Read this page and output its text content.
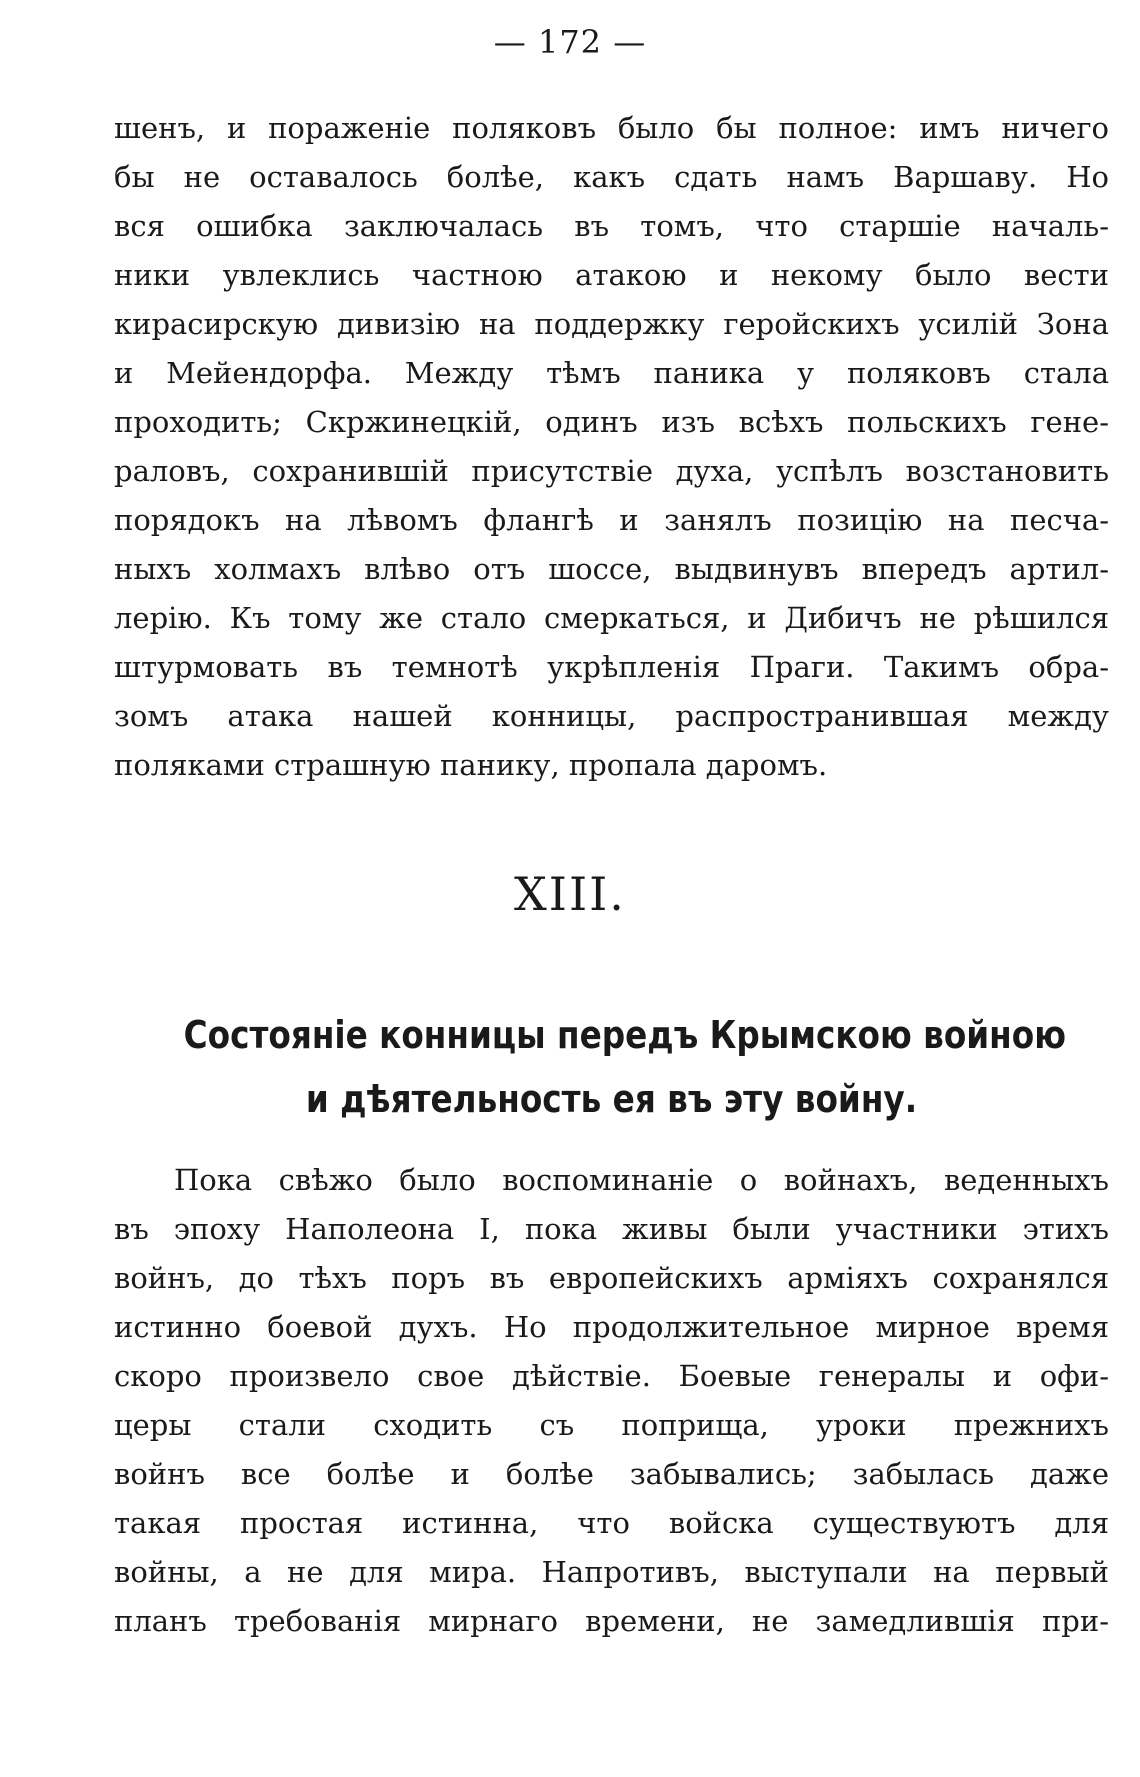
— 172 —
шенъ, и пораженіе поляковъ было бы полное: имъ ничего
бы не оставалось болѣе, какъ сдать намъ Варшаву. Но
вся ошибка заключалась въ томъ, что старшіе началь-
ники увлеклись частною атакою и некому было вести
кирасирскую дивизію на поддержку геройскихъ усилій Зона
и Мейендорфа. Между тѣмъ паника у поляковъ стала
проходить; Скржинецкій, одинъ изъ всѣхъ польскихъ гене-
раловъ, сохранившій присутствіе духа, успѣлъ возстановить
порядокъ на лѣвомъ флангѣ и занялъ позицію на песча-
ныхъ холмахъ влѣво отъ шоссе, выдвинувъ впередъ артил-
лерію. Къ тому же стало смеркаться, и Дибичъ не рѣшился
штурмовать въ темнотѣ укрѣпленія Праги. Такимъ обра-
зомъ атака нашей конницы, распространившая между
поляками страшную панику, пропала даромъ.
XIII.
Состояніе конницы передъ Крымскою войною
и дѣятельность ея въ эту войну.
Пока свѣжо было воспоминаніе о войнахъ, веденныхъ
въ эпоху Наполеона I, пока живы были участники этихъ
войнъ, до тѣхъ поръ въ европейскихъ арміяхъ сохранялся
истинно боевой духъ. Но продолжительное мирное время
скоро произвело свое дѣйствіе. Боевые генералы и офи-
церы стали сходить съ поприща, уроки прежнихъ
войнъ все болѣе и болѣе забывались; забылась даже
такая простая истинна, что войска существуютъ для
войны, а не для мира. Напротивъ, выступали на первый
планъ требованія мирнаго времени, не замедлившія при-
